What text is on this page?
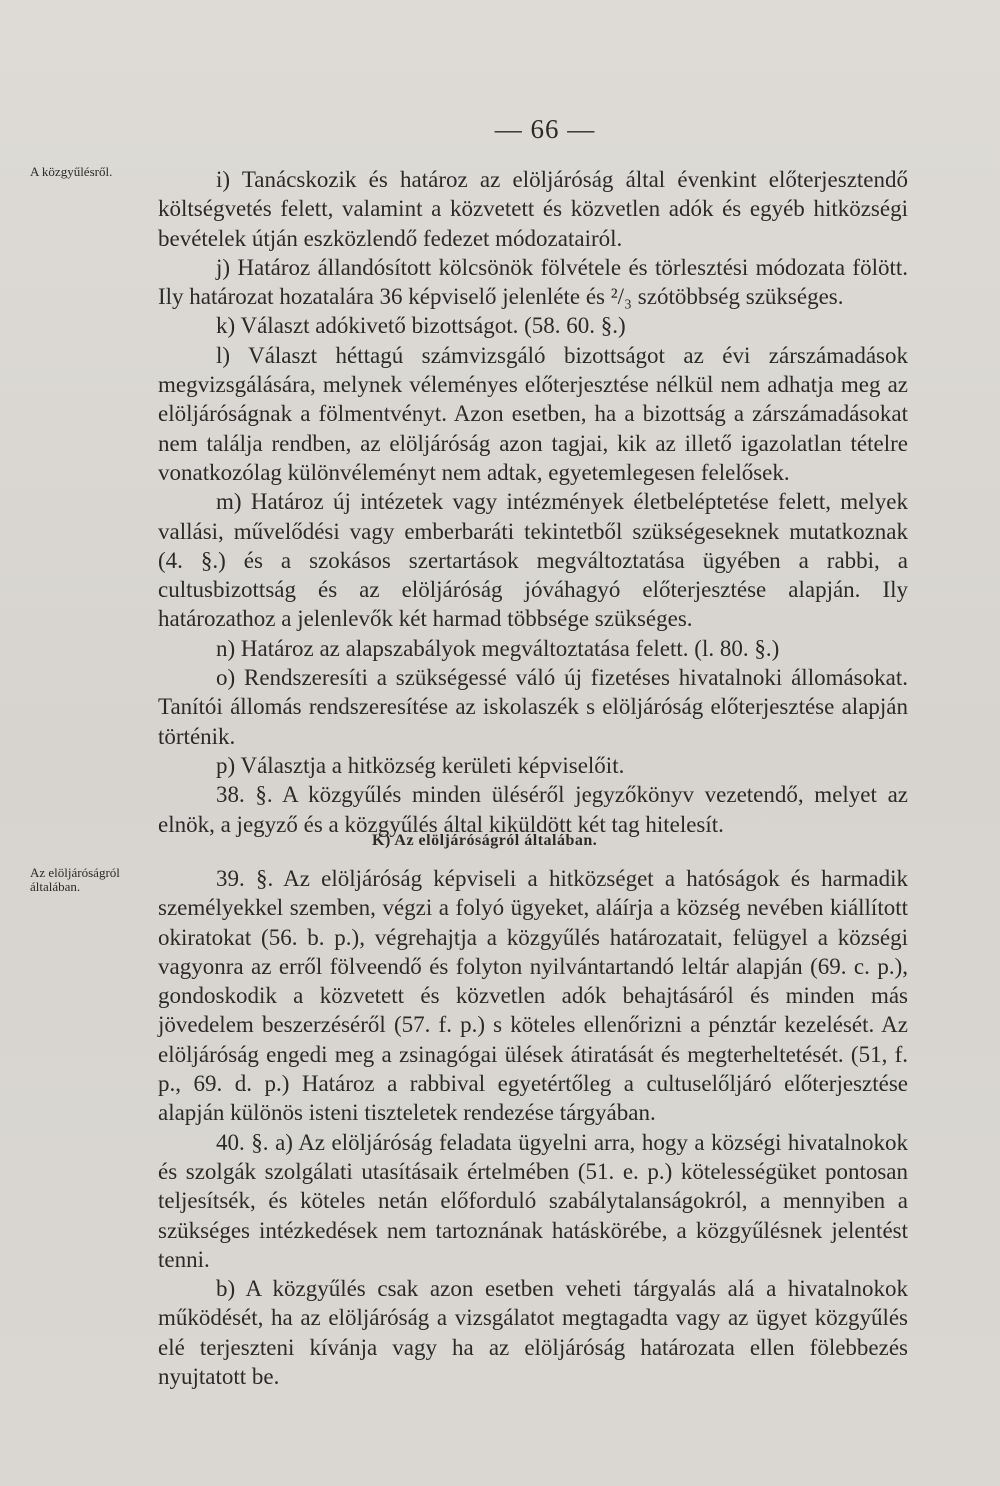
— 66 —
A közgyűlésről.	i) Tanácskozik és határoz az elöljáróság által évenkint előterjesztendő költségvetés felett, valamint a közvetett és közvetlen adók és egyéb hitközségi bevételek útján eszközlendő fedezet módozatairól.

j) Határoz állandósított kölcsönök fölvétele és törlesztési módozata fölött. Ily határozat hozatalára 36 képviselő jelenléte és ²/₃ szótöbbség szükséges.

k) Választ adókivető bizottságot. (58. 60. §.)

l) Választ héttagú számvizsgáló bizottságot az évi zárszámadások megvizsgálására, melynek véleményes előterjesztése nélkül nem adhatja meg az elöljáróságnak a fölmentvényt. Azon esetben, ha a bizottság a zárszámadásokat nem találja rendben, az elöljáróság azon tagjai, kik az illető igazolatlan tételre vonatkozólag különvéleményt nem adtak, egyetemlegesen felelősek.

m) Határoz új intézetek vagy intézmények életbeléptetése felett, melyek vallási, művelődési vagy emberbaráti tekintetből szükségeseknek mutatkoznak (4. §.) és a szokásos szertartások megváltoztatása ügyében a rabbi, a cultusbizottság és az elöljáróság jóváhagyó előterjesztése alapján. Ily határozathoz a jelenlevők két harmad többsége szükséges.

n) Határoz az alapszabályok megváltoztatása felett. (l. 80. §.)

o) Rendszeresíti a szükségessé váló új fizetéses hivatalnoki állomásokat. Tanítói állomás rendszeresítése az iskolaszék s elöljáróság előterjesztése alapján történik.

p) Választja a hitközség kerületi képviselőit.

38. §. A közgyűlés minden üléséről jegyzőkönyv vezetendő, melyet az elnök, a jegyző és a közgyűlés által kiküldött két tag hitelesít.

K) Az elöljáróságról általában.
Az elöljáróságról általában.	39. §. Az elöljáróság képviseli a hitközséget a hatóságok és harmadik személyekkel szemben, végzi a folyó ügyeket, aláírja a község nevében kiállított okiratokat (56. b. p.), végrehajtja a közgyűlés határozatait, felügyel a községi vagyonra az erről fölveendő és folyton nyilvántartandó leltár alapján (69. c. p.), gondoskodik a közvetett és közvetlen adók behajtásáról és minden más jövedelem beszerzéséről (57. f. p.) s köteles ellenőrizni a pénztár kezelését. Az elöljáróság engedi meg a zsinagógai ülések átiratását és megterheltetését. (51, f. p., 69. d. p.) Határoz a rabbival egyetértőleg a cultuselőljáró előterjesztése alapján különös isteni tiszteletek rendezése tárgyában.

40. §. a) Az elöljáróság feladata ügyelni arra, hogy a községi hivatalnokok és szolgák szolgálati utasításaik értelmében (51. e. p.) kötelességüket pontosan teljesítsék, és köteles netán előforduló szabálytalanságokról, a mennyiben a szükséges intézkedések nem tartoznának hatáskörébe, a közgyűlésnek jelentést tenni.

b) A közgyűlés csak azon esetben veheti tárgyalás alá a hivatalnokok működését, ha az elöljáróság a vizsgálatot megtagadta vagy az ügyet közgyűlés elé terjeszteni kívánja vagy ha az elöljáróság határozata ellen fölebbezés nyujtatott be.
